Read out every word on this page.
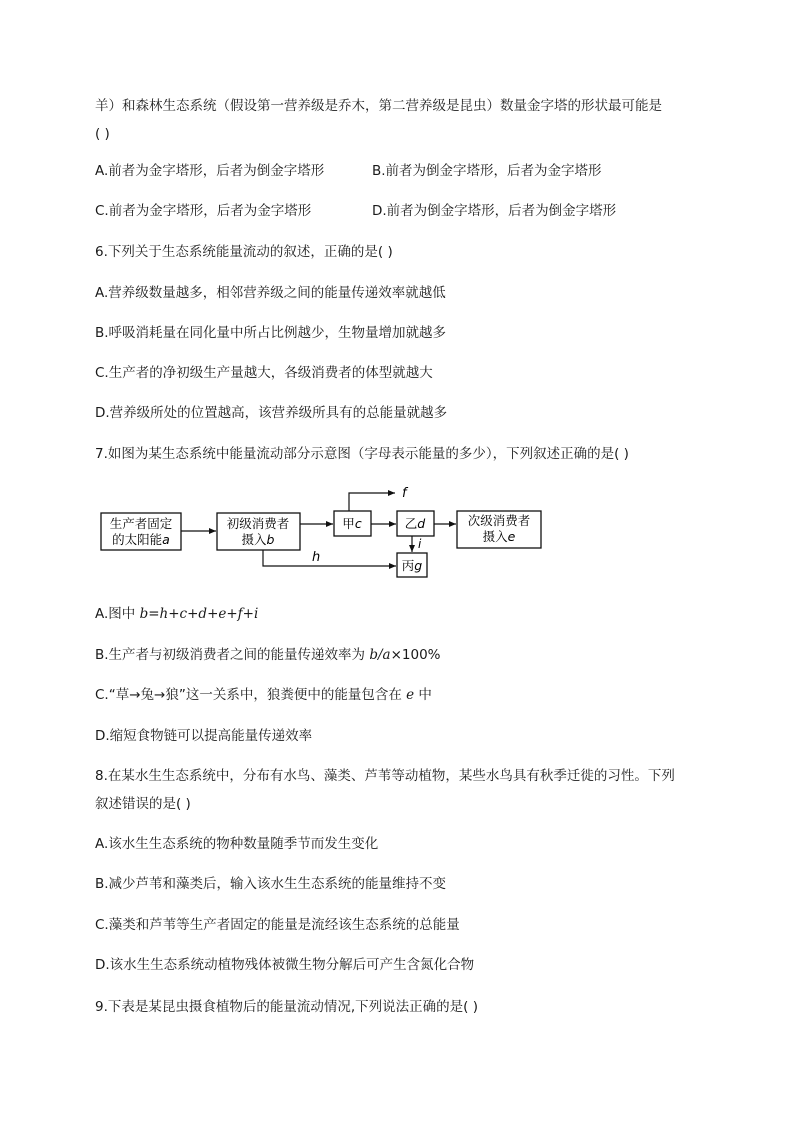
羊）和森林生态系统（假设第一营养级是乔木，第二营养级是昆虫）数量金字塔的形状最可能是
( )
A.前者为金字塔形，后者为倒金字塔形	B.前者为倒金字塔形，后者为金字塔形
C.前者为金字塔形，后者为金字塔形	D.前者为倒金字塔形，后者为倒金字塔形
6.下列关于生态系统能量流动的叙述，正确的是( )
A.营养级数量越多，相邻营养级之间的能量传递效率就越低
B.呼吸消耗量在同化量中所占比例越少，生物量增加就越多
C.生产者的净初级生产量越大，各级消费者的体型就越大
D.营养级所处的位置越高，该营养级所具有的总能量就越多
7.如图为某生态系统中能量流动部分示意图（字母表示能量的多少），下列叙述正确的是( )
生产者固定
的太阳能a
初级消费者
摄入b
甲c	乙d	次级消费者
摄入e
丙g
f
h
i
A.图中 b=h+c+d+e+f+i
B.生产者与初级消费者之间的能量传递效率为 b/a×100%
C.“草→兔→狼”这一关系中，狼粪便中的能量包含在 e 中
D.缩短食物链可以提高能量传递效率
8.在某水生生态系统中，分布有水鸟、藻类、芦苇等动植物，某些水鸟具有秋季迁徙的习性。下列
叙述错误的是( )
A.该水生生态系统的物种数量随季节而发生变化
B.减少芦苇和藻类后，输入该水生生态系统的能量维持不变
C.藻类和芦苇等生产者固定的能量是流经该生态系统的总能量
D.该水生生态系统动植物残体被微生物分解后可产生含氮化合物
9.下表是某昆虫摄食植物后的能量流动情况,下列说法正确的是( )
